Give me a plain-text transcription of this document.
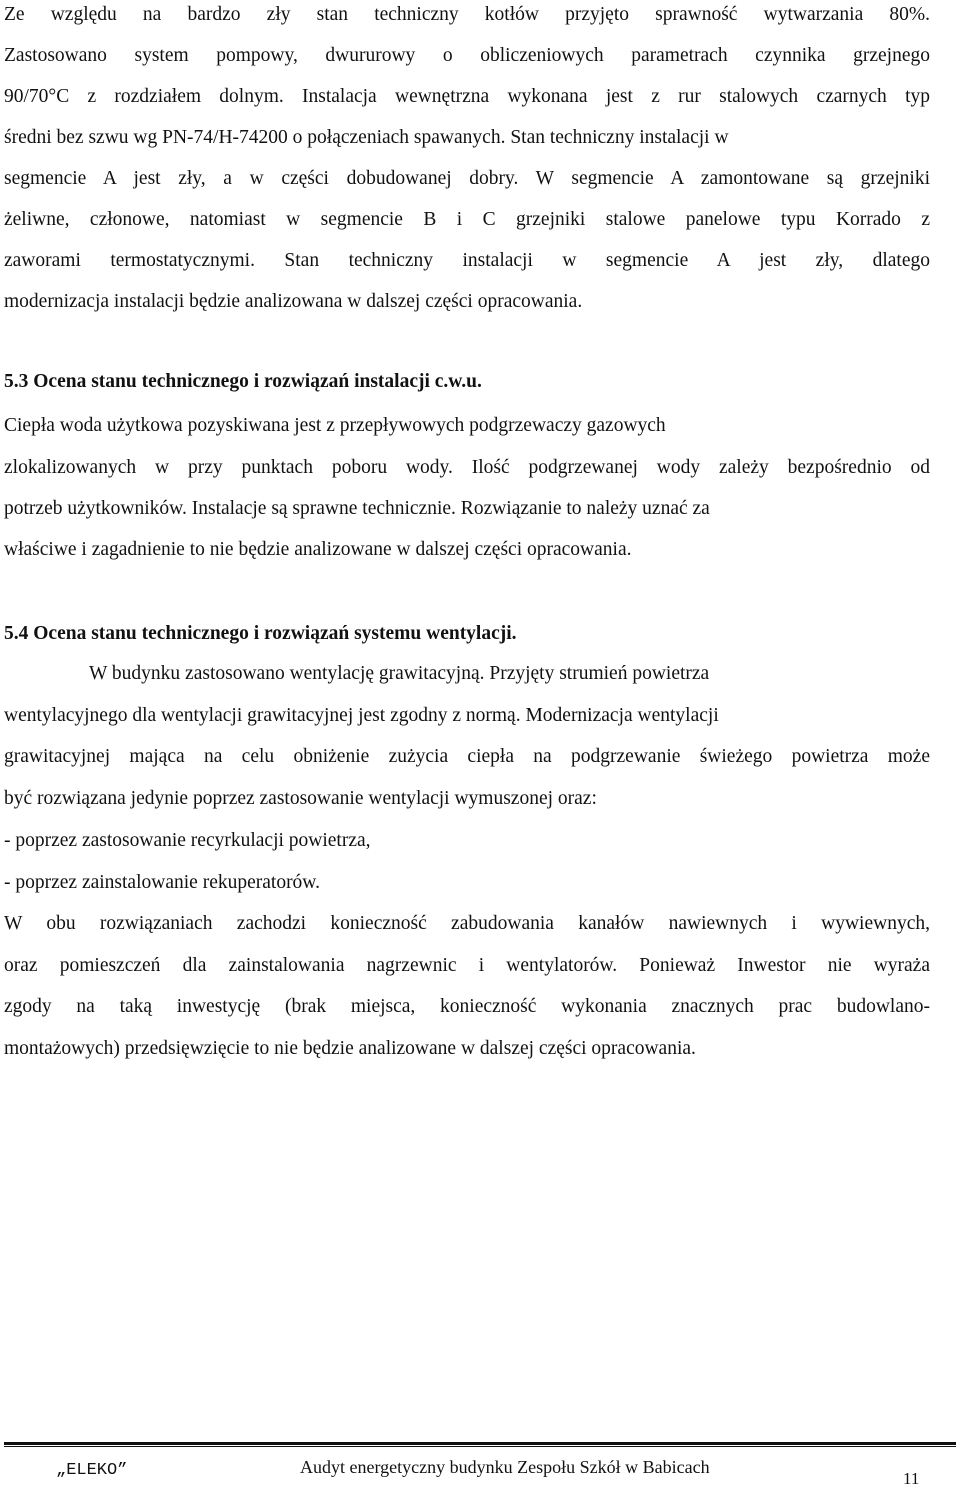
Ze względu na bardzo zły stan techniczny kotłów przyjęto sprawność wytwarzania 80%.
Zastosowano system pompowy, dwururowy o obliczeniowych parametrach czynnika grzejnego
90/70°C z rozdziałem dolnym. Instalacja wewnętrzna wykonana jest z rur stalowych czarnych typ
średni bez szwu wg PN-74/H-74200 o połączeniach spawanych. Stan techniczny instalacji w
segmencie A jest zły, a w części dobudowanej dobry. W segmencie A zamontowane są grzejniki
żeliwne, członowe, natomiast w segmencie B i C grzejniki stalowe panelowe typu Korrado z
zaworami termostatycznymi. Stan techniczny instalacji w segmencie A jest zły, dlatego
modernizacja instalacji będzie analizowana w dalszej części opracowania.
5.3 Ocena stanu technicznego i rozwiązań instalacji c.w.u.
Ciepła woda użytkowa pozyskiwana jest z przepływowych podgrzewaczy gazowych
zlokalizowanych w przy punktach poboru wody. Ilość podgrzewanej wody zależy bezpośrednio od
potrzeb użytkowników. Instalacje są sprawne technicznie. Rozwiązanie to należy uznać za
właściwe i zagadnienie to nie będzie analizowane w dalszej części opracowania.
5.4 Ocena stanu technicznego i rozwiązań systemu wentylacji.
W budynku zastosowano wentylację grawitacyjną. Przyjęty strumień powietrza
wentylacyjnego dla wentylacji grawitacyjnej jest zgodny z normą. Modernizacja wentylacji
grawitacyjnej mająca na celu obniżenie zużycia ciepła na podgrzewanie świeżego powietrza może
być rozwiązana jedynie poprzez zastosowanie wentylacji wymuszonej oraz:
- poprzez zastosowanie recyrkulacji powietrza,
- poprzez zainstalowanie rekuperatorów.
W obu rozwiązaniach zachodzi konieczność zabudowania kanałów nawiewnych i wywiewnych,
oraz pomieszczeń dla zainstalowania nagrzewnic i wentylatorów. Ponieważ Inwestor nie wyraża
zgody na taką inwestycję (brak miejsca, konieczność wykonania znacznych prac budowlano-
montażowych) przedsięwzięcie to nie będzie analizowane w dalszej części opracowania.
„ELEKO”	Audyt energetyczny budynku Zespołu Szkół w Babicach
11
